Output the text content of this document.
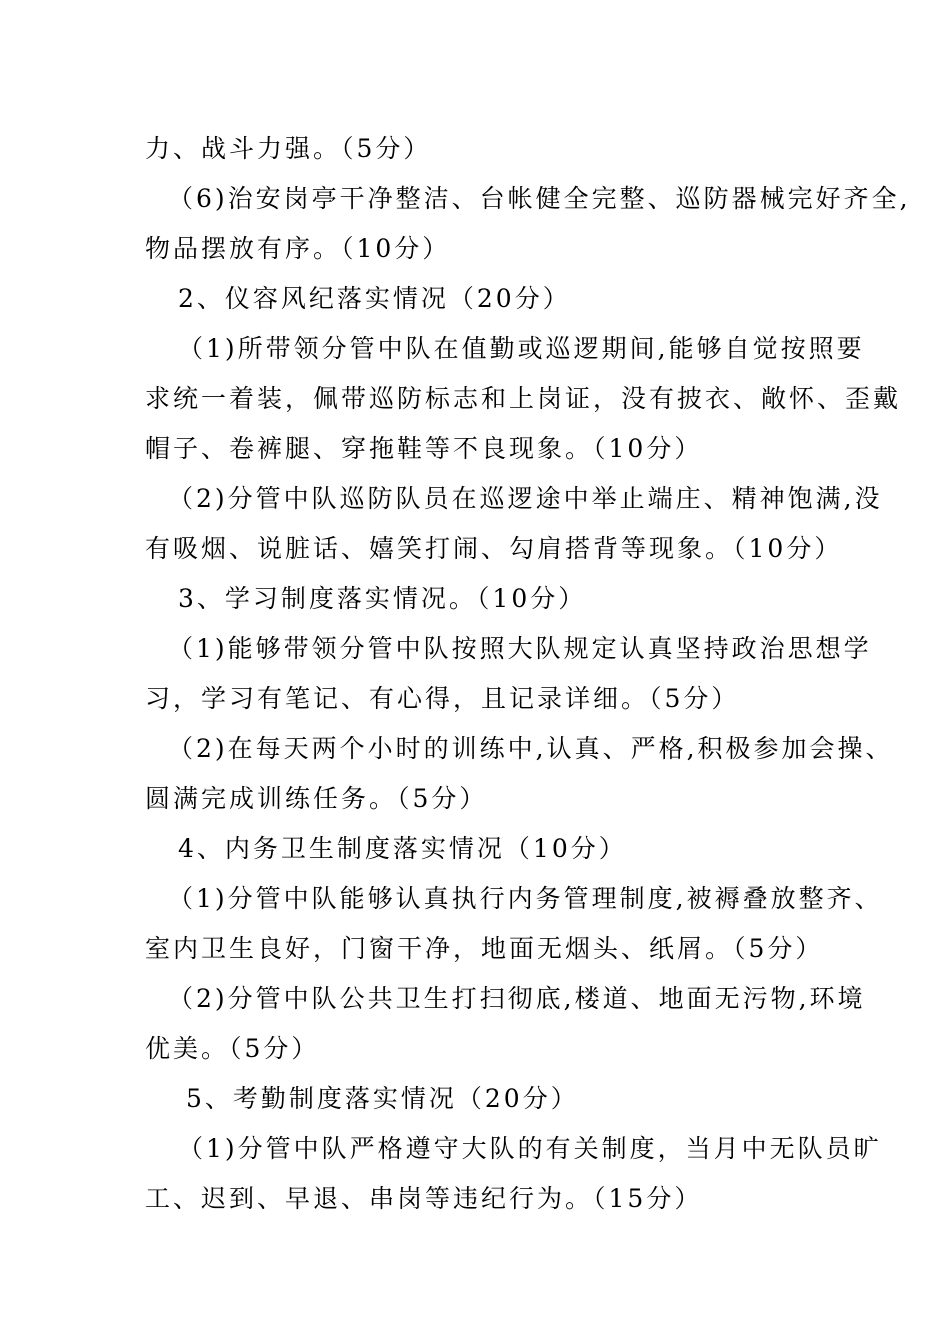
力、战斗力强。（5分）
（6)治安岗亭干净整洁、台帐健全完整、巡防器械完好齐全,
物品摆放有序。（10分）
2、仪容风纪落实情况（20分）
（1)所带领分管中队在值勤或巡逻期间,能够自觉按照要
求统一着装，佩带巡防标志和上岗证，没有披衣、敞怀、歪戴
帽子、卷裤腿、穿拖鞋等不良现象。（10分）
（2)分管中队巡防队员在巡逻途中举止端庄、精神饱满,没
有吸烟、说脏话、嬉笑打闹、勾肩搭背等现象。（10分）
3、学习制度落实情况。（10分）
（1)能够带领分管中队按照大队规定认真坚持政治思想学
习，学习有笔记、有心得，且记录详细。（5分）
（2)在每天两个小时的训练中,认真、严格,积极参加会操、
圆满完成训练任务。（5分）
4、内务卫生制度落实情况（10分）
（1)分管中队能够认真执行内务管理制度,被褥叠放整齐、
室内卫生良好，门窗干净，地面无烟头、纸屑。（5分）
（2)分管中队公共卫生打扫彻底,楼道、地面无污物,环境
优美。（5分）
5、考勤制度落实情况（20分）
（1)分管中队严格遵守大队的有关制度，当月中无队员旷
工、迟到、早退、串岗等违纪行为。（15分）
